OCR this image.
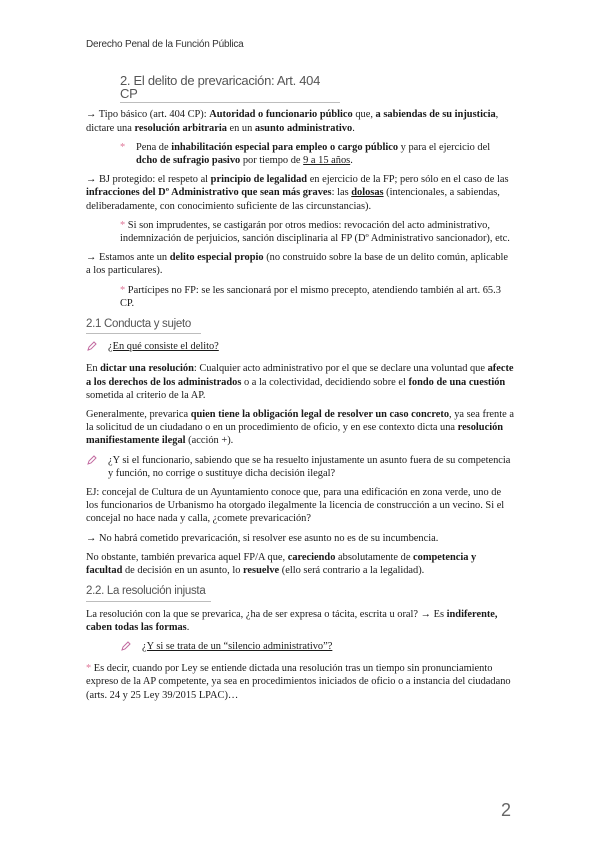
Derecho Penal de la Función Pública
2. El delito de prevaricación: Art. 404 CP

→ Tipo básico (art. 404 CP): Autoridad o funcionario público que, a sabiendas de su injusticia, dictare una resolución arbitraria en un asunto administrativo.

*	Pena de inhabilitación especial para empleo o cargo público y para el ejercicio del dcho de sufragio pasivo por tiempo de 9 a 15 años.

→ BJ protegido: el respeto al principio de legalidad en ejercicio de la FP; pero sólo en el caso de las infracciones del Dº Administrativo que sean más graves: las dolosas (intencionales, a sabiendas, deliberadamente, con conocimiento suficiente de las circunstancias).

* Si son imprudentes, se castigarán por otros medios: revocación del acto administrativo, indemnización de perjuicios, sanción disciplinaria al FP (Dº Administrativo sancionador), etc.

→ Estamos ante un delito especial propio (no construido sobre la base de un delito común, aplicable a los particulares).

* Partícipes no FP: se les sancionará por el mismo precepto, atendiendo también al art. 65.3 CP.

2.1 Conducta y sujeto
¿En qué consiste el delito?

En dictar una resolución: Cualquier acto administrativo por el que se declare una voluntad que afecte a los derechos de los administrados o a la colectividad, decidiendo sobre el fondo de una cuestión sometida al criterio de la AP.

Generalmente, prevarica quien tiene la obligación legal de resolver un caso concreto, ya sea frente a la solicitud de un ciudadano o en un procedimiento de oficio, y en ese contexto dicta una resolución manifiestamente ilegal (acción +).

¿Y si el funcionario, sabiendo que se ha resuelto injustamente un asunto fuera de su competencia y función, no corrige o sustituye dicha decisión ilegal?

EJ: concejal de Cultura de un Ayuntamiento conoce que, para una edificación en zona verde, uno de los funcionarios de Urbanismo ha otorgado ilegalmente la licencia de construcción a un vecino. Si el concejal no hace nada y calla, ¿comete prevaricación?

→ No habrá cometido prevaricación, si resolver ese asunto no es de su incumbencia.

No obstante, también prevarica aquel FP/A que, careciendo absolutamente de competencia y facultad de decisión en un asunto, lo resuelve (ello será contrario a la legalidad).

2.2. La resolución injusta

La resolución con la que se prevarica, ¿ha de ser expresa o tácita, escrita u oral? → Es indiferente, caben todas las formas.

¿Y si se trata de un “silencio administrativo”?

* Es decir, cuando por Ley se entiende dictada una resolución tras un tiempo sin pronunciamiento expreso de la AP competente, ya sea en procedimientos iniciados de oficio o a instancia del ciudadano (arts. 24 y 25 Ley 39/2015 LPAC)…

2
